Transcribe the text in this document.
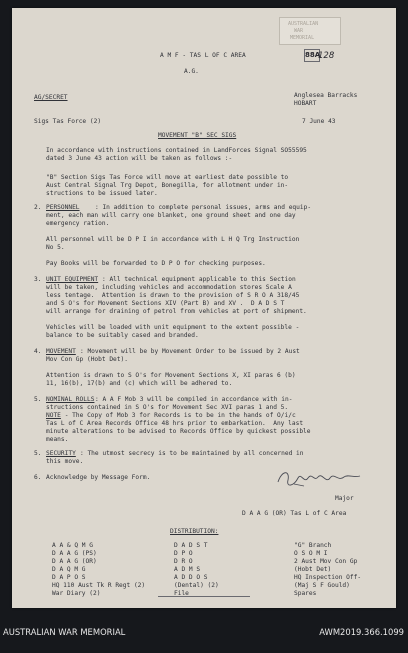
AUSTRALIAN
WAR
MEMORIAL
88A
128
A M F - TAS L OF C AREA
A.G.
AG/SECRET	Anglesea Barracks
HOBART
Sigs Tas Force (2)	7 June 43
MOVEMENT "B" SEC SIGS
In accordance with instructions contained in LandForces Signal SO55595
dated 3 June 43 action will be taken as follows :-
"B" Section Sigs Tas Force will move at earliest date possible to
Aust Central Signal Trg Depot, Bonegilla, for allotment under in-
structions to be issued later.
2. PERSONNEL : In addition to complete personal issues, arms and equip-
ment, each man will carry one blanket, one ground sheet and one day
emergency ration.
All personnel will be D P I in accordance with L H Q Trg Instruction
No 5.
Pay Books will be forwarded to D P O for checking purposes.
3. UNIT EQUIPMENT : All technical equipment applicable to this Section
will be taken, including vehicles and accommodation stores Scale A
less tentage.  Attention is drawn to the provision of S R O A 318/45
and S O's for Movement Sections XIV (Part B) and XV .  D A D S T
will arrange for draining of petrol from vehicles at port of shipment.
Vehicles will be loaded with unit equipment to the extent possible -
balance to be suitably cased and branded.
4. MOVEMENT : Movement will be by Movement Order to be issued by 2 Aust
Mov Con Gp (Hobt Det).
Attention is drawn to S O's for Movement Sections X, XI paras 6 (b)
11, 16(b), 17(b) and (c) which will be adhered to.
5. NOMINAL ROLLS : A A F Mob 3 will be compiled in accordance with in-
structions contained in S O's for Movement Sec XVI paras 1 and 5.
NOTE - The Copy of Mob 3 for Records is to be in the hands of O/i/c
Tas L of C Area Records Office 48 hrs prior to embarkation.  Any last
minute alterations to be advised to Records Office by quickest possible
means.
5. SECURITY : The utmost secrecy is to be maintained by all concerned in
this move.
6. Acknowledge by Message Form.
Major
D A A G (OR) Tas L of C Area
DISTRIBUTION:
A A & Q M G
D A A G (PS)
D A A G (OR)
D A Q M G
D A P O S
HQ 110 Aust Tk R Regt (2)
War Diary (2)
D A D S T
D P O
D R O
A D M S
A D D O S
(Dental) (2)
File
"G" Branch
O S O M I
2 Aust Mov Con Gp
(Hobt Det)
HQ Inspection Off-
(Maj S F Gould)
Spares
AUSTRALIAN WAR MEMORIAL	AWM2019.366.1099
